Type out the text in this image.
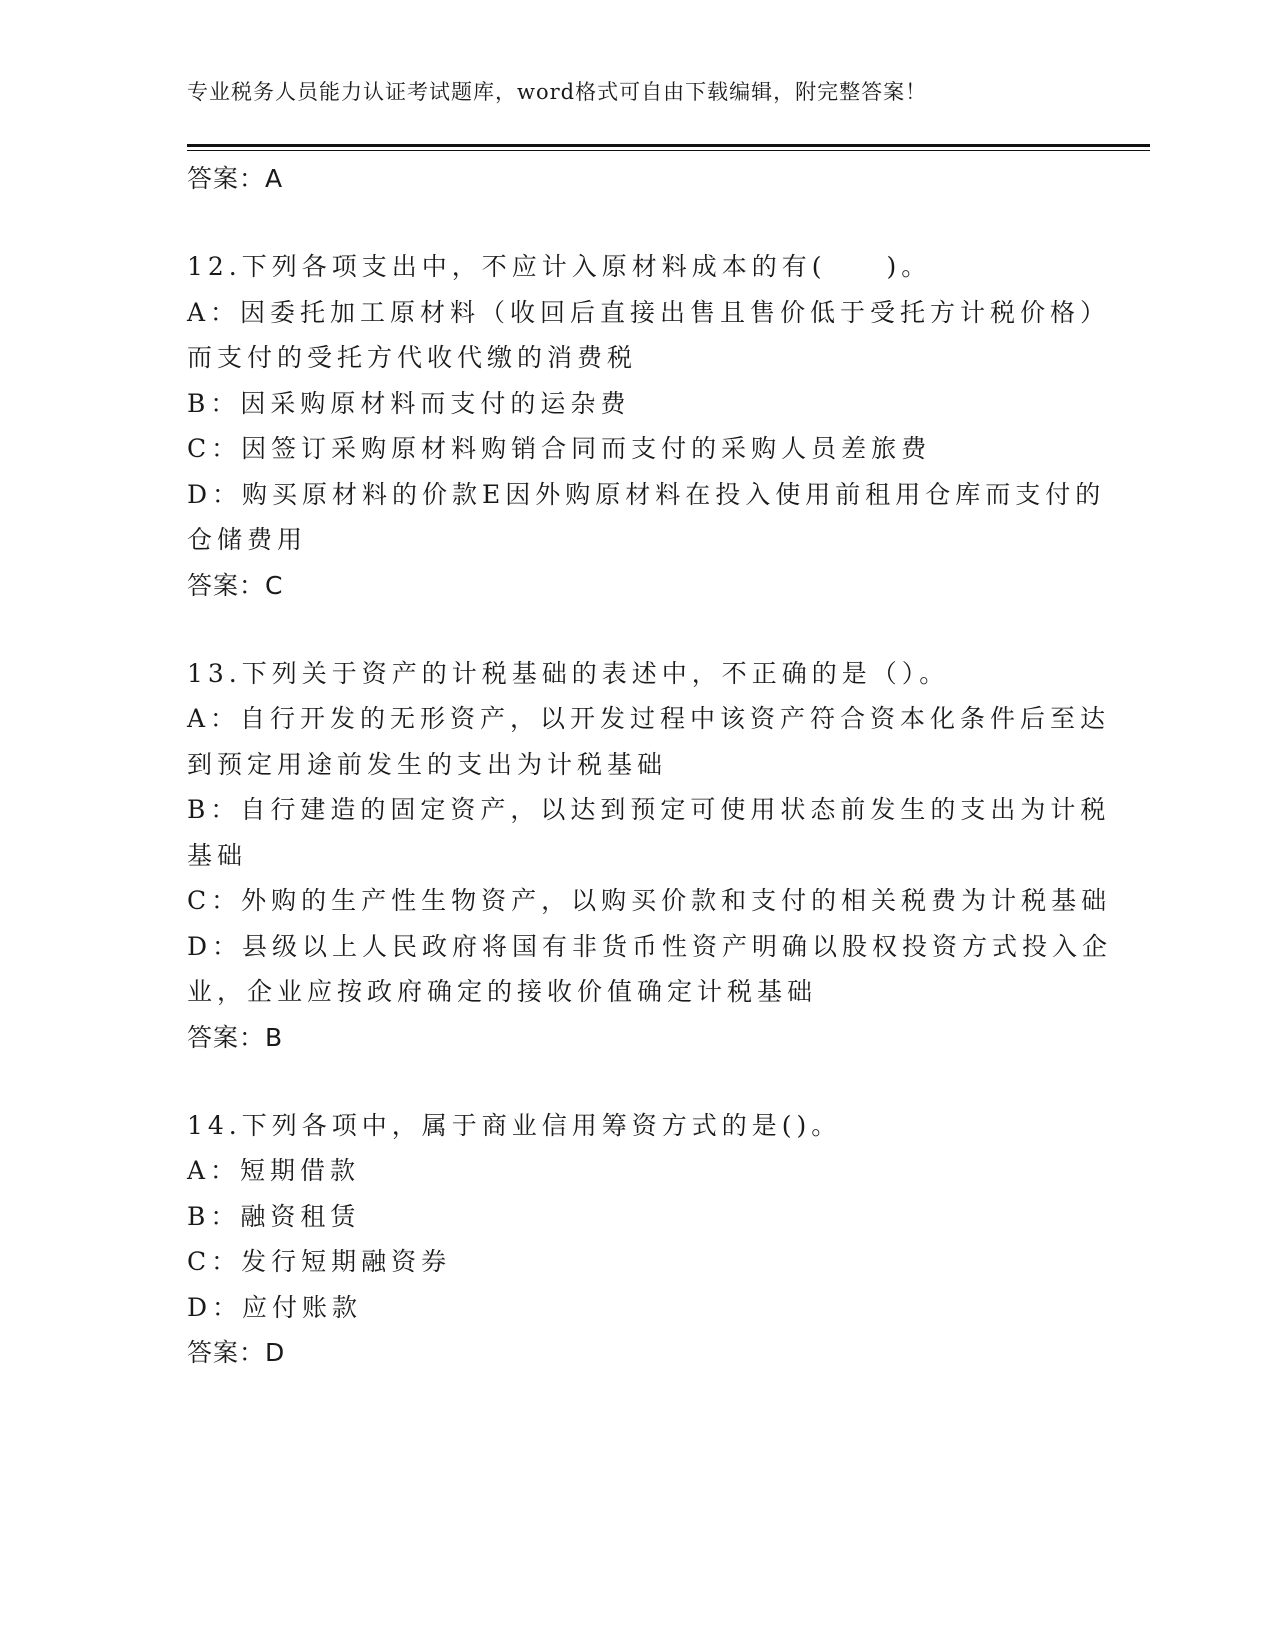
专业税务人员能力认证考试题库，word格式可自由下载编辑，附完整答案！
答案：A
12.下列各项支出中，不应计入原材料成本的有(　　)。
A：因委托加工原材料（收回后直接出售且售价低于受托方计税价格）
而支付的受托方代收代缴的消费税
B：因采购原材料而支付的运杂费
C：因签订采购原材料购销合同而支付的采购人员差旅费
D：购买原材料的价款E因外购原材料在投入使用前租用仓库而支付的
仓储费用
答案：C
13.下列关于资产的计税基础的表述中，不正确的是（）。
A：自行开发的无形资产，以开发过程中该资产符合资本化条件后至达
到预定用途前发生的支出为计税基础
B：自行建造的固定资产，以达到预定可使用状态前发生的支出为计税
基础
C：外购的生产性生物资产，以购买价款和支付的相关税费为计税基础
D：县级以上人民政府将国有非货币性资产明确以股权投资方式投入企
业，企业应按政府确定的接收价值确定计税基础
答案：B
14.下列各项中，属于商业信用筹资方式的是()。
A：短期借款
B：融资租赁
C：发行短期融资券
D：应付账款
答案：D
